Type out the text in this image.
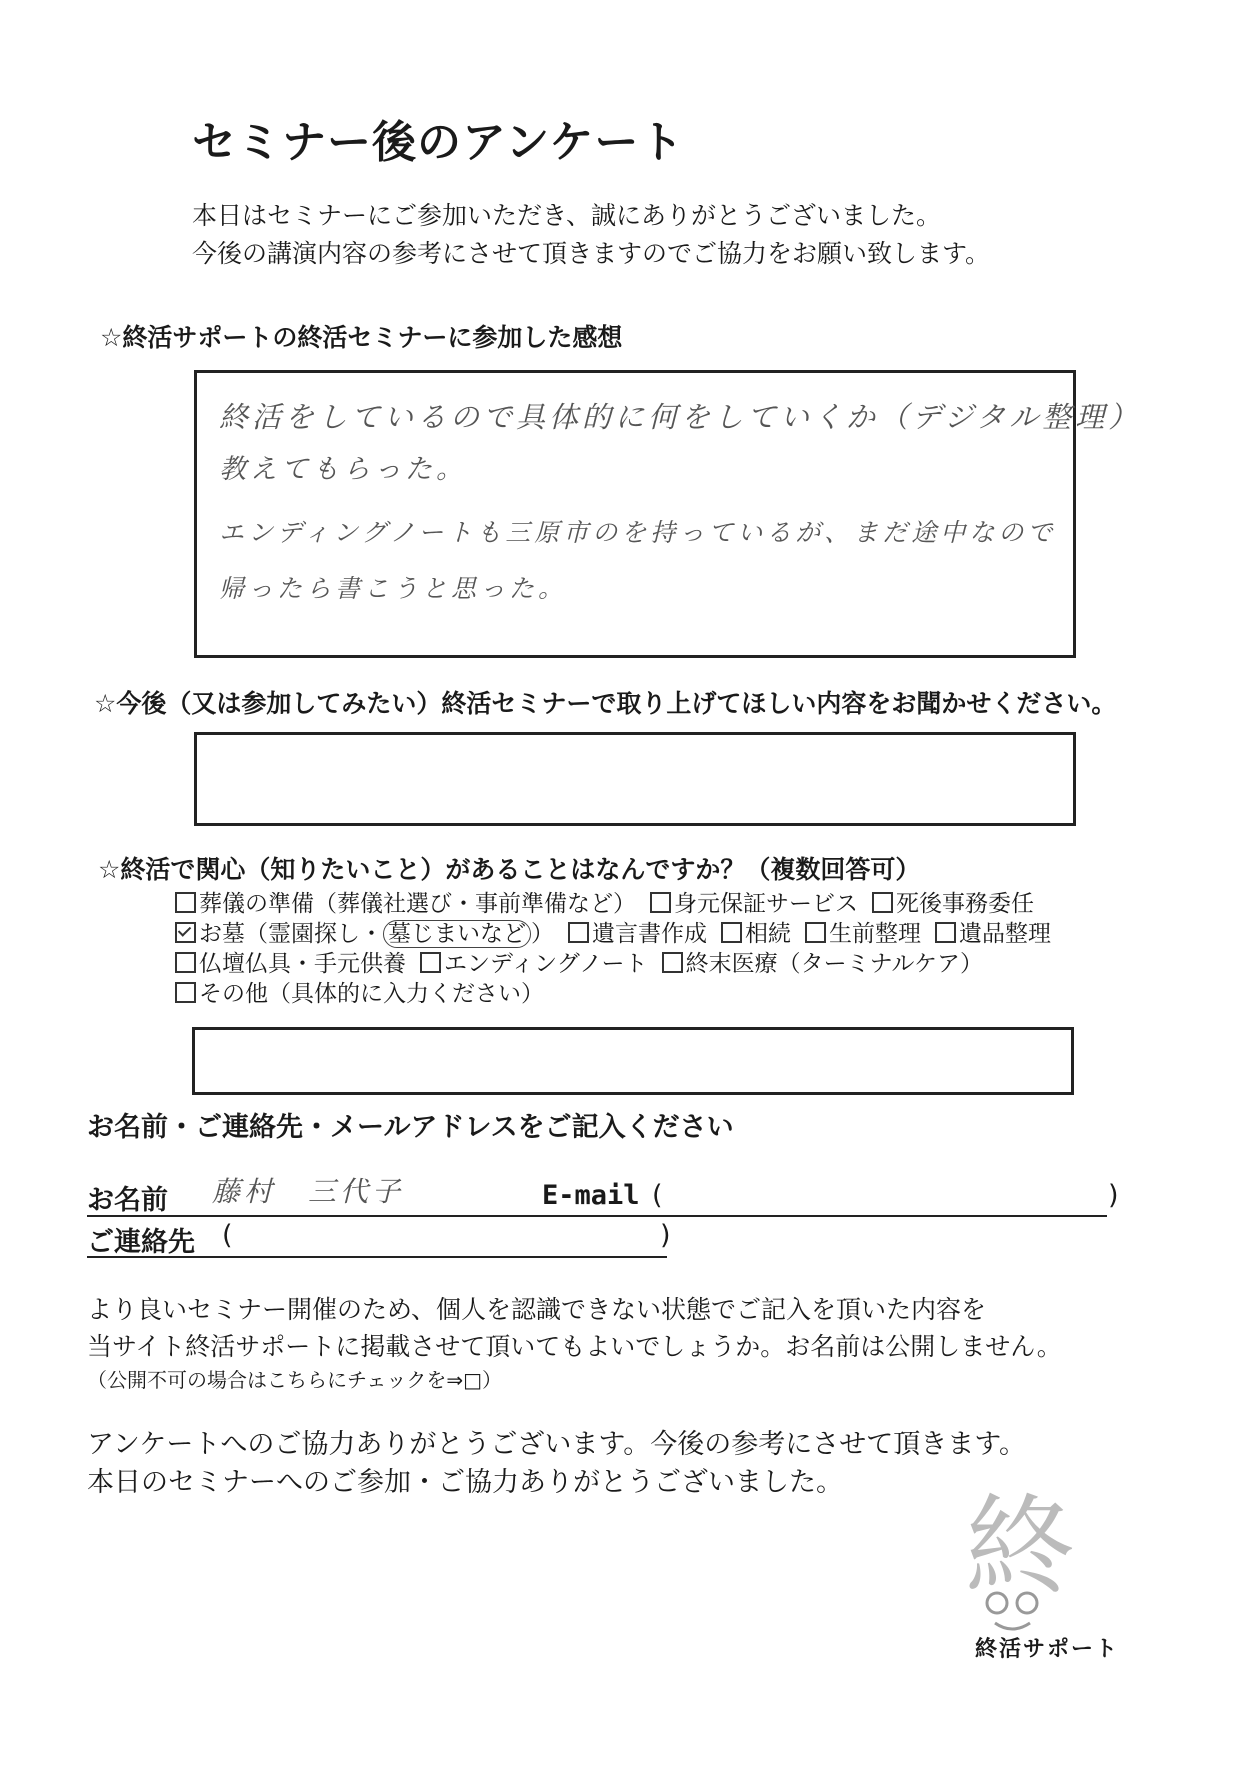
セミナー後のアンケート
本日はセミナーにご参加いただき、誠にありがとうございました。
今後の講演内容の参考にさせて頂きますのでご協力をお願い致します。
☆終活サポートの終活セミナーに参加した感想
終活をしているので具体的に何をしていくか（デジタル整理）
教えてもらった。
エンディングノートも三原市のを持っているが、まだ途中なので
帰ったら書こうと思った。
☆今後（又は参加してみたい）終活セミナーで取り上げてほしい内容をお聞かせください。
☆終活で関心（知りたいこと）があることはなんですか？（複数回答可）
葬儀の準備（葬儀社選び・事前準備など） 身元保証サービス 死後事務委任
お墓（霊園探し・ 墓じまいなど ） 遺言書作成 相続 生前整理 遺品整理
仏壇仏具・手元供養 エンディングノート 終末医療（ターミナルケア）
その他（具体的に入力ください）
お名前・ご連絡先・メールアドレスをご記入ください
お名前 藤村　三代子	E-mail (	)
ご連絡先 (	)
より良いセミナー開催のため、個人を認識できない状態でご記入を頂いた内容を
当サイト終活サポートに掲載させて頂いてもよいでしょうか。お名前は公開しません。
（公開不可の場合はこちらにチェックを⇒□）
アンケートへのご協力ありがとうございます。今後の参考にさせて頂きます。
本日のセミナーへのご参加・ご協力ありがとうございました。
終
終活サポート
